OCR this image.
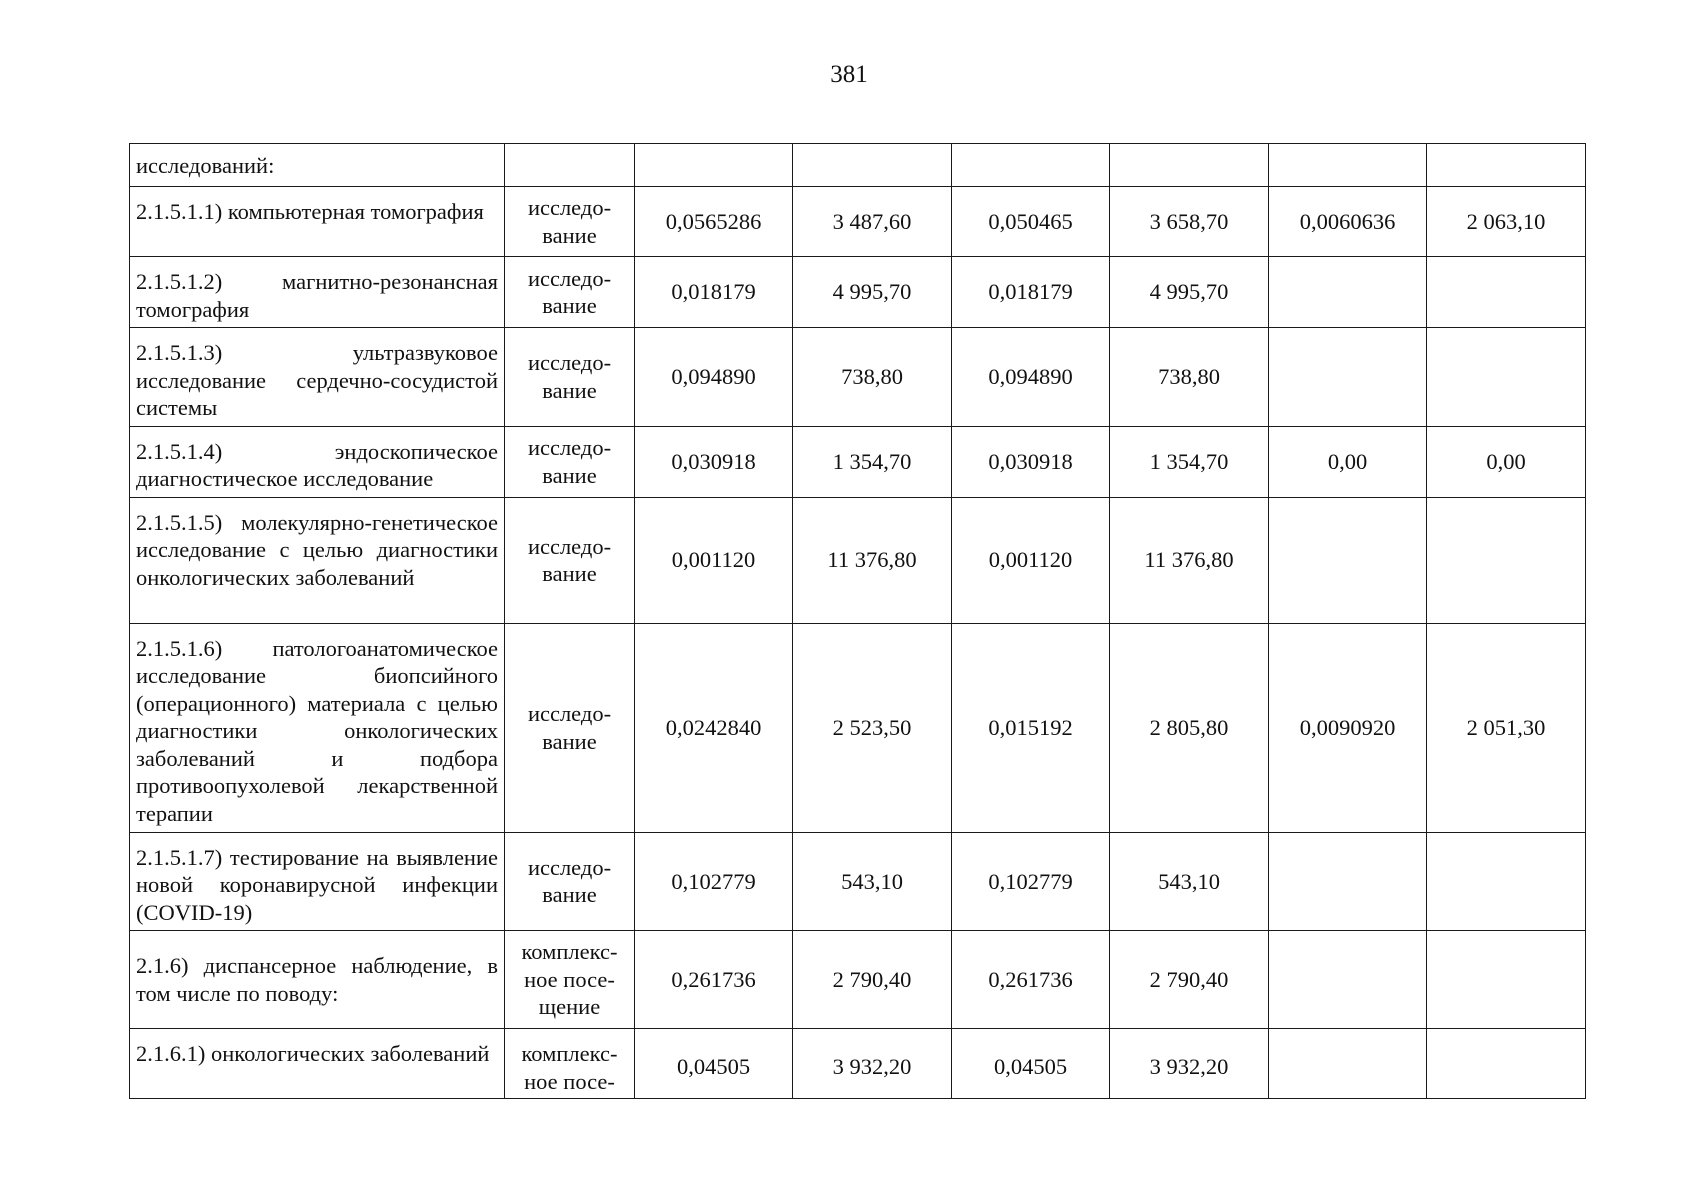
381
исследований:							
2.1.5.1.1) компьютерная томография	исследо-вание	0,0565286	3 487,60	0,050465	3 658,70	0,0060636	2 063,10
2.1.5.1.2) магнитно-резонансная томография	исследо-вание	0,018179	4 995,70	0,018179	4 995,70		
2.1.5.1.3) ультразвуковое исследование сердечно-сосудистой системы	исследо-вание	0,094890	738,80	0,094890	738,80		
2.1.5.1.4) эндоскопическое диагностическое исследование	исследо-вание	0,030918	1 354,70	0,030918	1 354,70	0,00	0,00
2.1.5.1.5) молекулярно-генетическое исследование с целью диагностики онкологических заболеваний	исследо-вание	0,001120	11 376,80	0,001120	11 376,80		
2.1.5.1.6) патологоанатомическое исследование биопсийного (операционного) материала с целью диагностики онкологических заболеваний и подбора противоопухолевой лекарственной терапии	исследо-вание	0,0242840	2 523,50	0,015192	2 805,80	0,0090920	2 051,30
2.1.5.1.7) тестирование на выявление новой коронавирусной инфекции (COVID-19)	исследо-вание	0,102779	543,10	0,102779	543,10		
2.1.6) диспансерное наблюдение, в том числе по поводу:	комплекс-ное посе-щение	0,261736	2 790,40	0,261736	2 790,40		
2.1.6.1) онкологических заболеваний	комплекс-ное посе-	0,04505	3 932,20	0,04505	3 932,20		
